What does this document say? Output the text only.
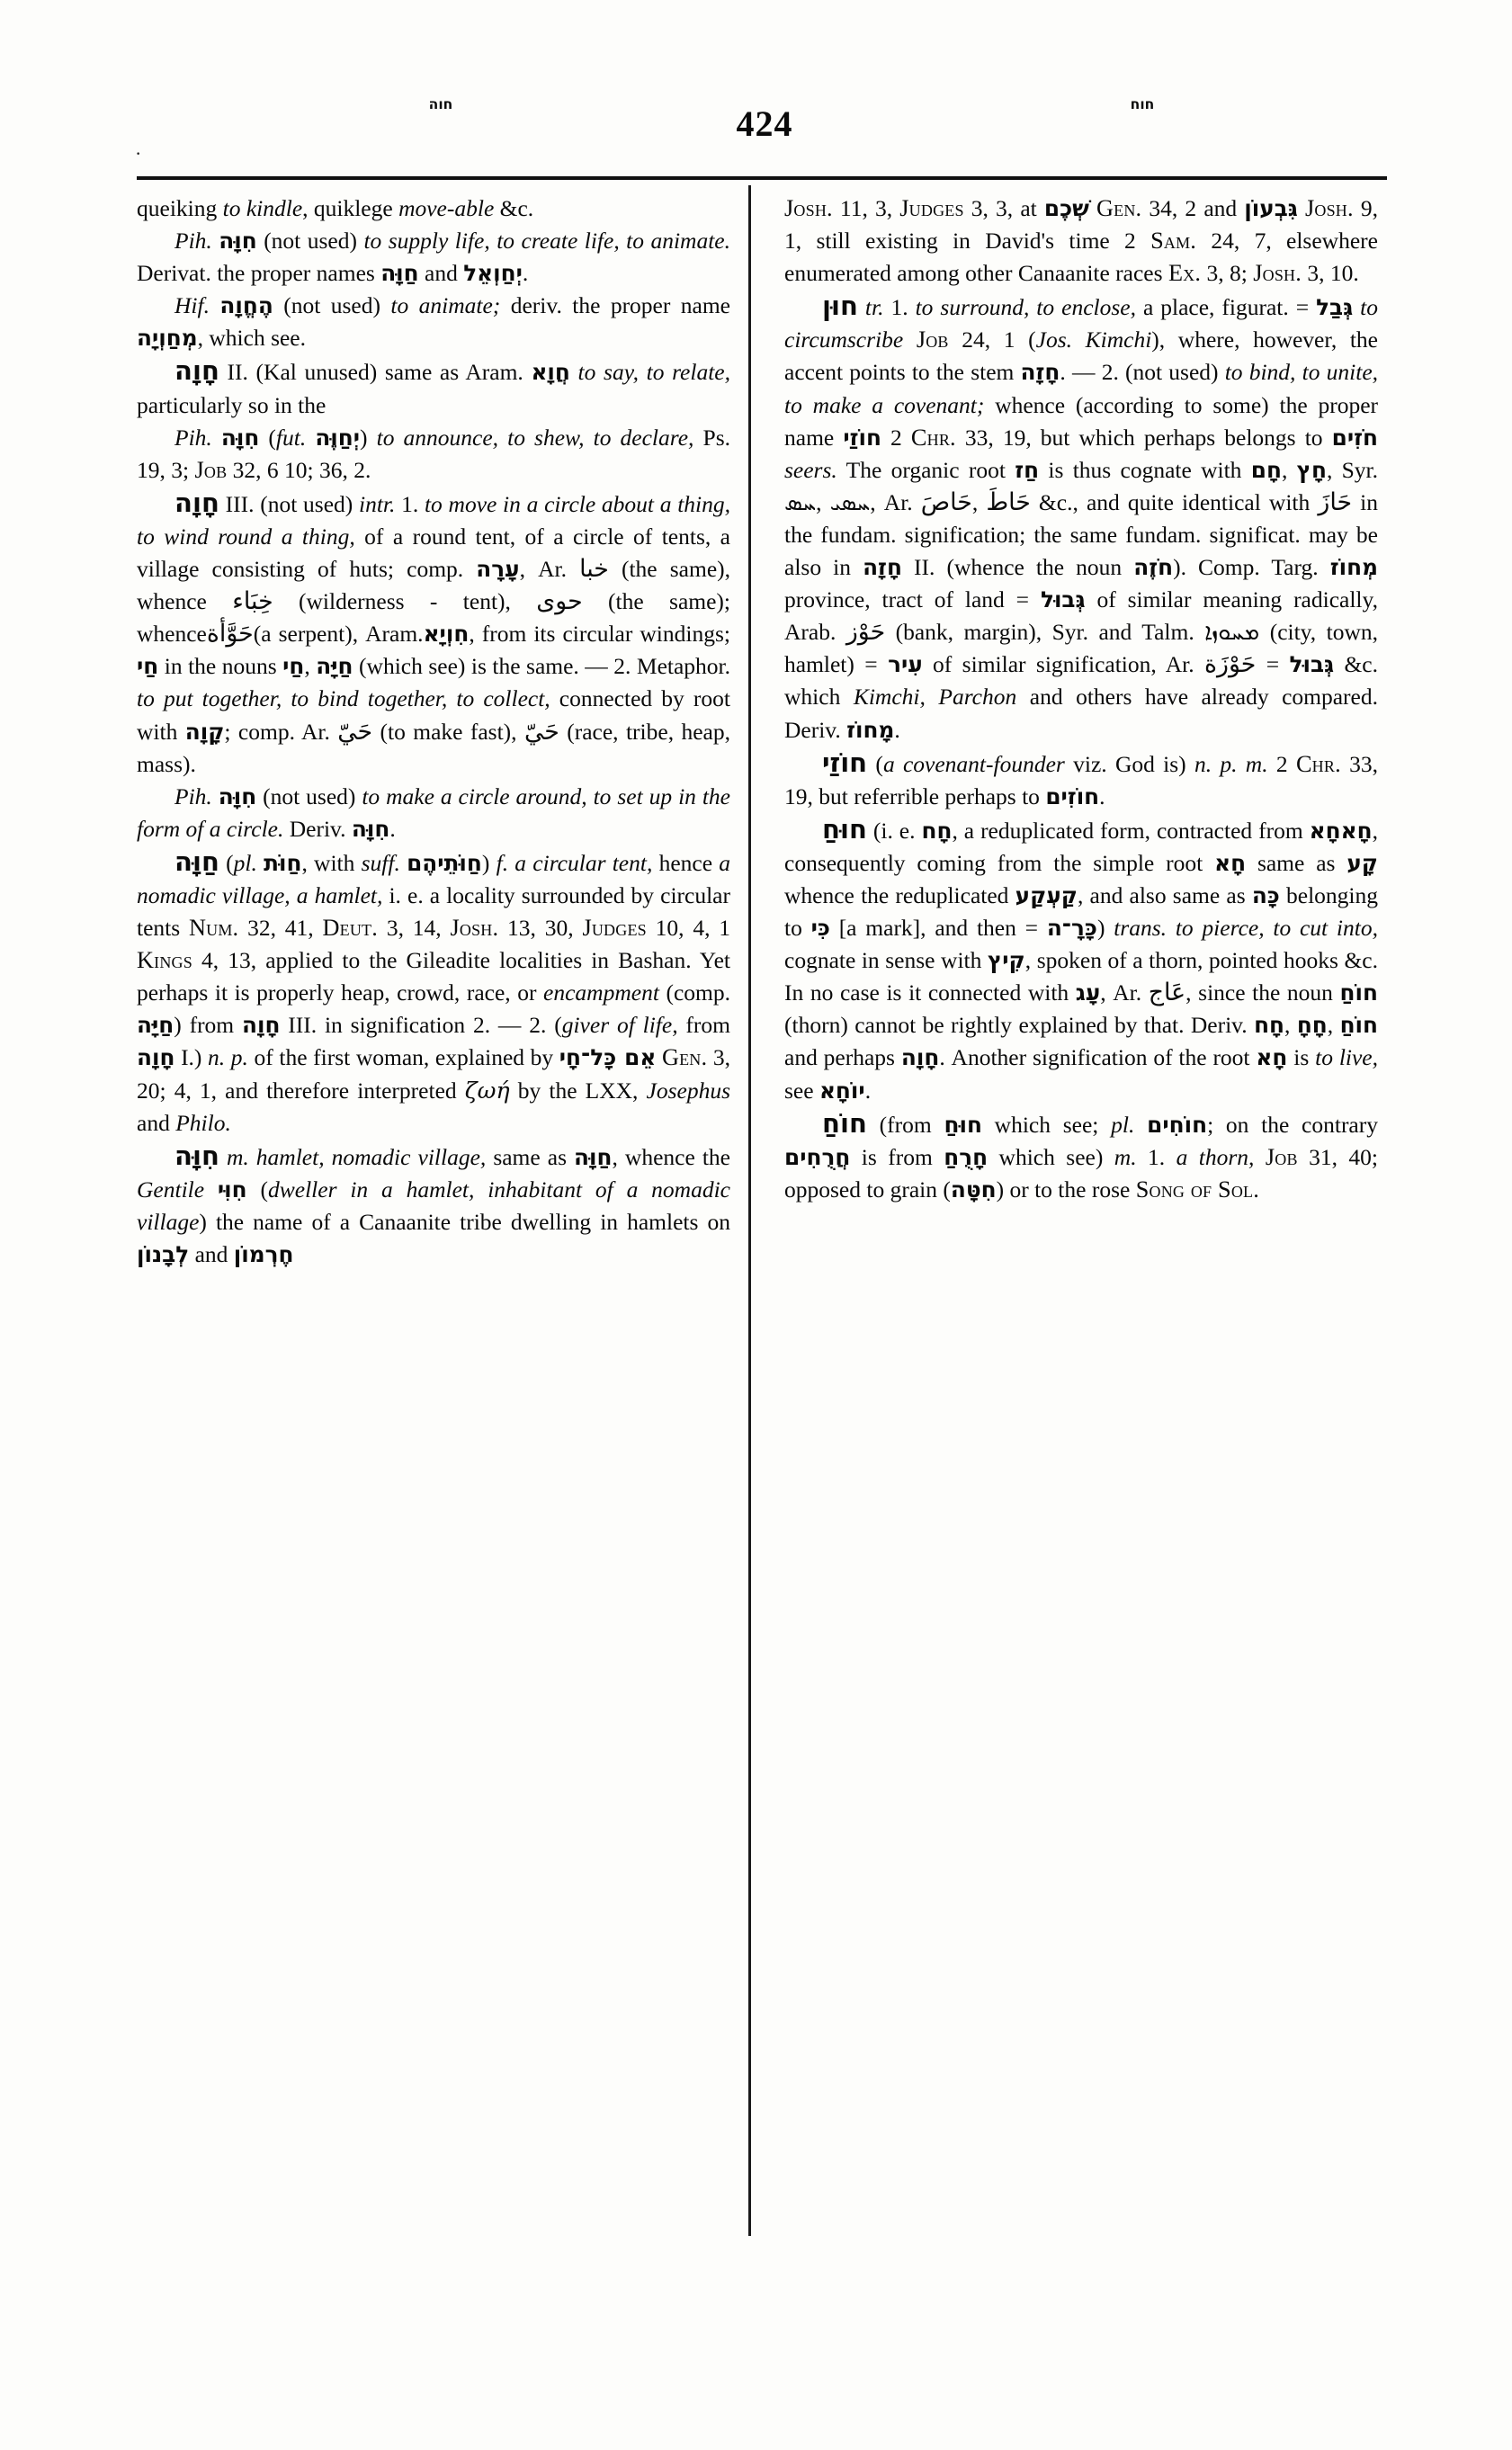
·
חוה	424	חוח

queiking to kindle, quiklege move-able &c.

Pih. חִוָּה (not used) to supply life, to create life, to animate. Derivat. the proper names חַוָּה and יְחַוְאֵל.

Hif. הֶחֱוָה (not used) to animate; deriv. the proper name מְחַוְיָה, which see.

חָוָה II. (Kal unused) same as Aram. חֲוָא to say, to relate, particularly so in the

Pih. חִוָּה (fut. יְחַוֶּה) to announce, to shew, to declare, Ps. 19, 3; Job 32, 6 10; 36, 2.

חָוָה III. (not used) intr. 1. to move in a circle about a thing, to wind round a thing, of a round tent, of a circle of tents, a village consisting of huts; comp. עָרָה, Ar. خبا (the same), whence خِبَاء (wilderness - tent), حوى (the same); whenceحَوَّأة(a serpent), Aram.חִוְיָא, from its circular windings; חַי in the nouns חַי, חַיָּה (which see) is the same. — 2. Metaphor. to put together, to bind together, to collect, connected by root with קָוָה; comp. Ar. حَيّ (to make fast), حَيّ (race, tribe, heap, mass).

Pih. חִוָּה (not used) to make a circle around, to set up in the form of a circle. Deriv. חִוָּה.

חַוָּה (pl. חַוֹּת, with suff. חַוֹּתֵיהֶם) f. a circular tent, hence a nomadic village, a hamlet, i. e. a locality surrounded by circular tents Num. 32, 41, Deut. 3, 14, Josh. 13, 30, Judges 10, 4, 1 Kings 4, 13, applied to the Gileadite localities in Bashan. Yet perhaps it is properly heap, crowd, race, or encampment (comp. חַיָּה) from חָוָה III. in signification 2. — 2. (giver of life, from חָוָה I.) n. p. of the first woman, explained by אֵם כָּל־חָי Gen. 3, 20; 4, 1, and therefore interpreted ζωή by the LXX, Josephus and Philo.

חִוָּה m. hamlet, nomadic village, same as חַוָּה, whence the Gentile חִוִּי (dweller in a hamlet, inhabitant of a nomadic village) the name of a Canaanite tribe dwelling in hamlets on לְבָנוֹן and חֶרְמוֹן

Josh. 11, 3, Judges 3, 3, at שְׁכֶם Gen. 34, 2 and גִּבְעוֹן Josh. 9, 1, still existing in David's time 2 Sam. 24, 7, elsewhere enumerated among other Canaanite races Ex. 3, 8; Josh. 3, 10.

חוּן tr. 1. to surround, to enclose, a place, figurat. = גְּבַל to circumscribe Job 24, 1 (Jos. Kimchi), where, however, the accent points to the stem חָזָה. — 2. (not used) to bind, to unite, to make a covenant; whence (according to some) the proper name חוֹזַי 2 Chr. 33, 19, but which perhaps belongs to חֹזִים seers. The organic root חַז is thus cognate with חָם, חָץ, Syr. ܚܣ, ܚܣܝ, Ar. حَاصَ, حَاطَ &c., and quite identical with حَازَ in the fundam. signification; the same fundam. significat. may be also in חָזָה II. (whence the noun חֹזֶה). Comp. Targ. מְחוֹז province, tract of land = גְּבוּל of similar meaning radically, Arab. حَوْز (bank, margin), Syr. and Talm. ܡܚܘܙܐ (city, town, hamlet) = עִיר of similar signification, Ar. حَوْزَة = גְּבוּל &c. which Kimchi, Parchon and others have already compared. Deriv. מָחוֹז.

חוֹזַי (a covenant-founder viz. God is) n. p. m. 2 Chr. 33, 19, but referrible perhaps to חוֹזִים.

חוּחַ (i. e. חָח, a reduplicated form, contracted from חָאחָא, consequently coming from the simple root חָא same as קָע whence the reduplicated קַעְקַע, and also same as כָּה belonging to כִּי [a mark], and then = כָּרָ־ה) trans. to pierce, to cut into, cognate in sense with קִיץ, spoken of a thorn, pointed hooks &c. In no case is it connected with עָג, Ar. عَاج, since the noun חוֹחַ (thorn) cannot be rightly explained by that. Deriv. חָח, חָחָ, חוֹחַ and perhaps חָוָה. Another signification of the root חָא is to live, see יוֹחָא.

חוֹחַ (from חוּחַ which see; pl. חוֹחִים; on the contrary חֲרֻחִים is from חָרֻחַ which see) m. 1. a thorn, Job 31, 40; opposed to grain (חִטָּה) or to the rose Song of Sol.
